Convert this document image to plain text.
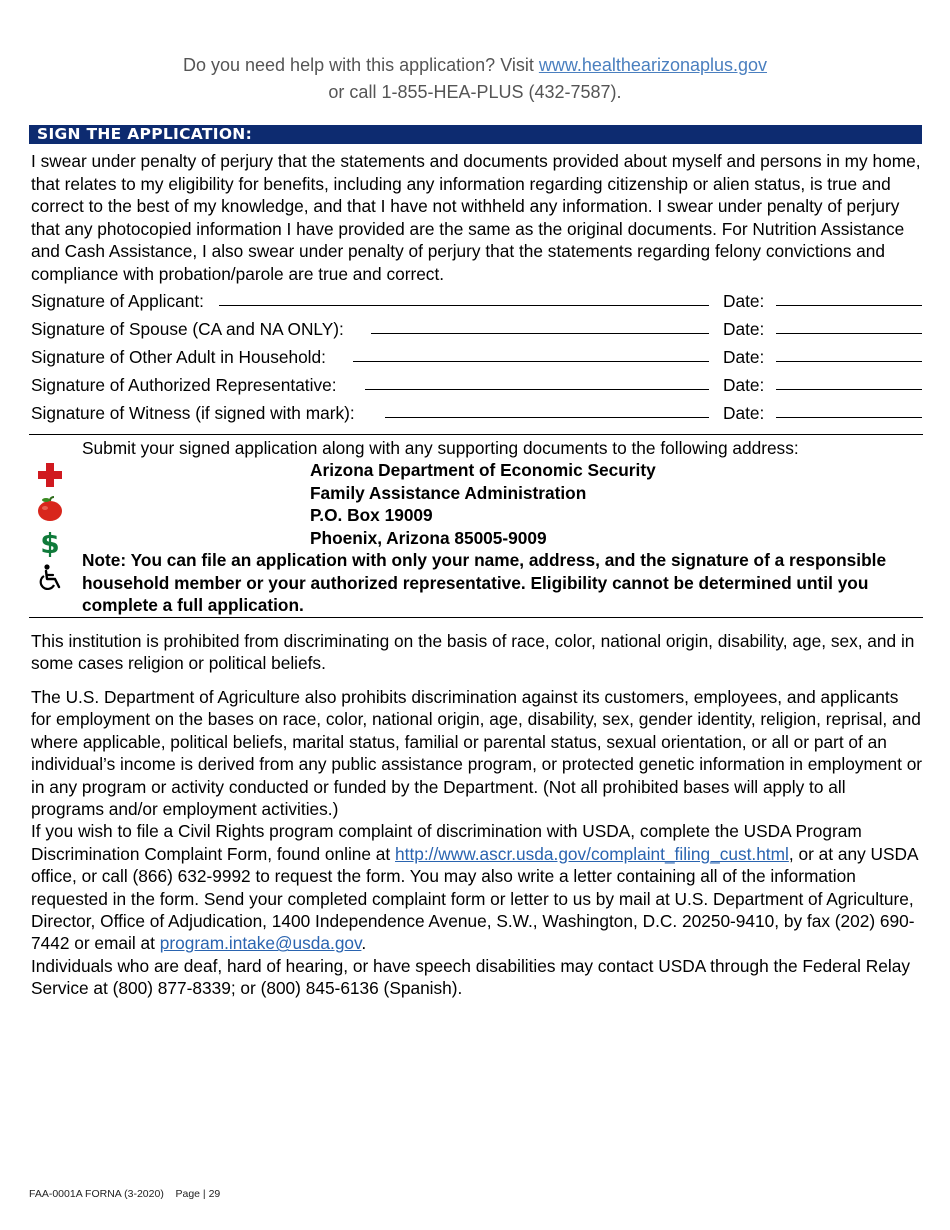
Do you need help with this application? Visit www.healthearizonaplus.gov
or call 1-855-HEA-PLUS (432-7587).
SIGN THE APPLICATION:
I swear under penalty of perjury that the statements and documents provided about myself and persons in my home, that relates to my eligibility for benefits, including any information regarding citizenship or alien status, is true and correct to the best of my knowledge, and that I have not withheld any information. I swear under penalty of perjury that any photocopied information I have provided are the same as the original documents. For Nutrition Assistance and Cash Assistance, I also swear under penalty of perjury that the statements regarding felony convictions and compliance with probation/parole are true and correct.
Signature of Applicant:	Date:
Signature of Spouse (CA and NA ONLY):	Date:
Signature of Other Adult in Household:	Date:
Signature of Authorized Representative:	Date:
Signature of Witness (if signed with mark):	Date:
Submit your signed application along with any supporting documents to the following address:
$
Arizona Department of Economic Security
Family Assistance Administration
P.O. Box 19009
Phoenix, Arizona 85005-9009
Note: You can file an application with only your name, address, and the signature of a responsible household member or your authorized representative. Eligibility cannot be determined until you complete a full application.
This institution is prohibited from discriminating on the basis of race, color, national origin, disability, age, sex, and in some cases religion or political beliefs.
The U.S. Department of Agriculture also prohibits discrimination against its customers, employees, and applicants for employment on the bases on race, color, national origin, age, disability, sex, gender identity, religion, reprisal, and where applicable, political beliefs, marital status, familial or parental status, sexual orientation, or all or part of an individual’s income is derived from any public assistance program, or protected genetic information in employment or in any program or activity conducted or funded by the Department. (Not all prohibited bases will apply to all programs and/or employment activities.)
If you wish to file a Civil Rights program complaint of discrimination with USDA, complete the USDA Program Discrimination Complaint Form, found online at http://www.ascr.usda.gov/complaint_filing_cust.html, or at any USDA office, or call (866) 632-9992 to request the form. You may also write a letter containing all of the information requested in the form. Send your completed complaint form or letter to us by mail at U.S. Department of Agriculture, Director, Office of Adjudication, 1400 Independence Avenue, S.W., Washington, D.C. 20250-9410, by fax (202) 690-7442 or email at program.intake@usda.gov.
Individuals who are deaf, hard of hearing, or have speech disabilities may contact USDA through the Federal Relay Service at (800) 877-8339; or (800) 845-6136 (Spanish).
FAA-0001A FORNA (3-2020)    Page | 29
